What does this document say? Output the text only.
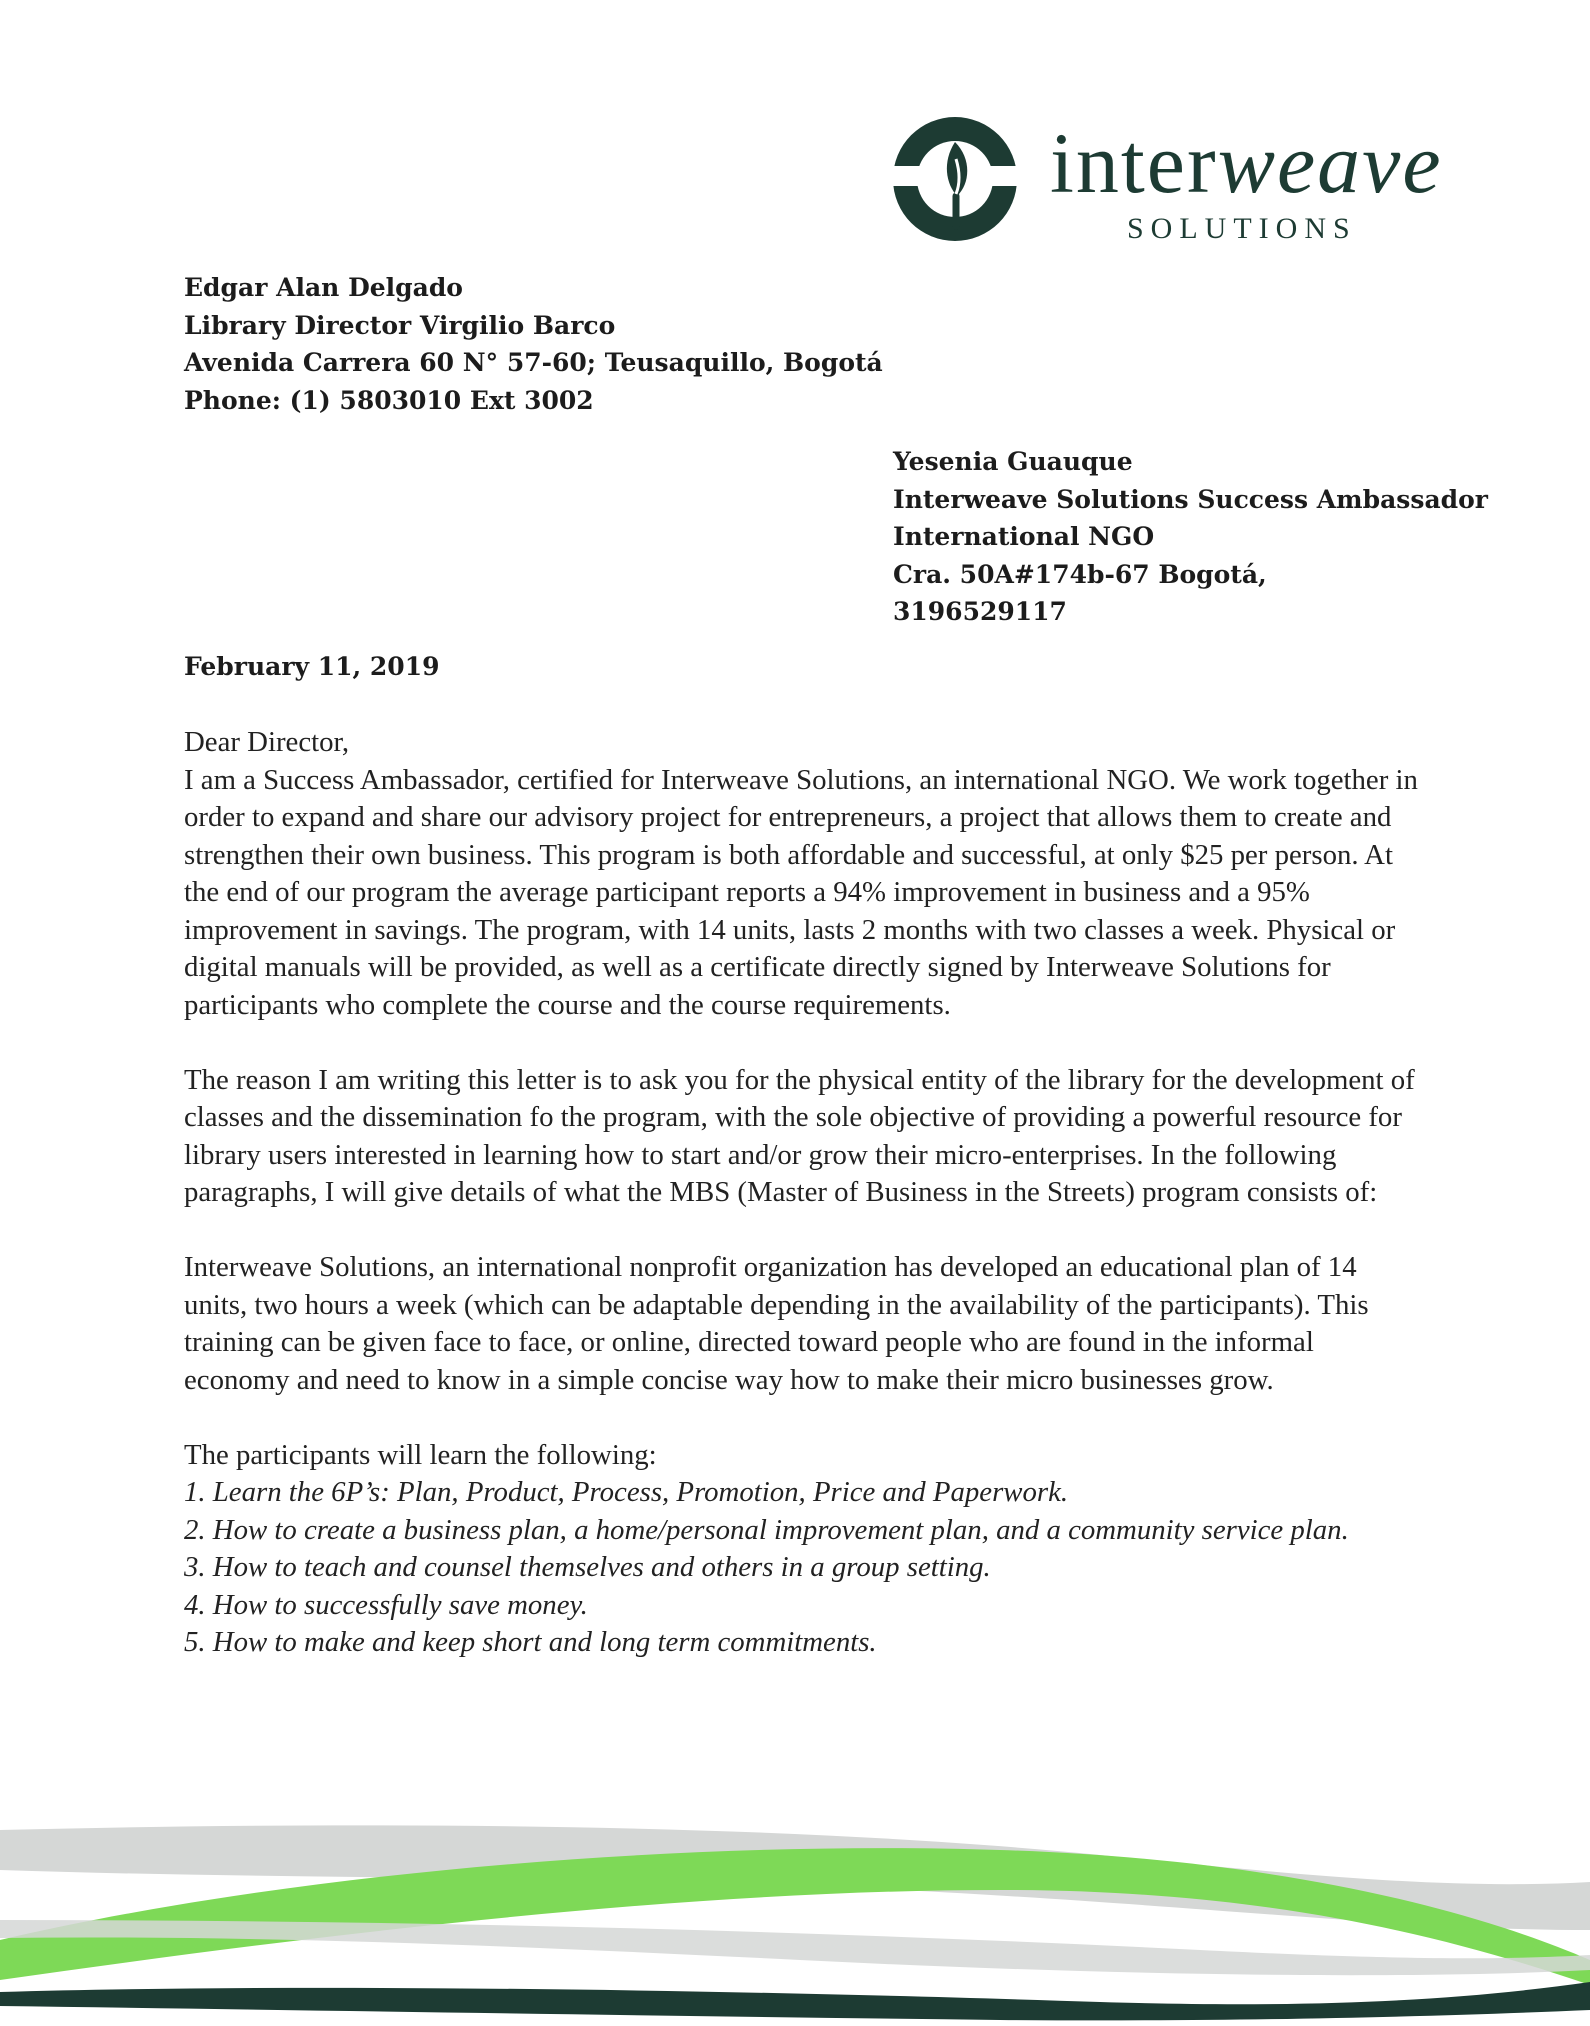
interweave
SOLUTIONS
Edgar Alan Delgado
Library Director Virgilio Barco
Avenida Carrera 60 N° 57-60; Teusaquillo, Bogotá
Phone: (1) 5803010 Ext 3002
Yesenia Guauque
Interweave Solutions Success Ambassador
International NGO
Cra. 50A#174b-67 Bogotá,
3196529117
February 11, 2019

Dear Director,

I am a Success Ambassador, certified for Interweave Solutions, an international NGO. We work together in order to expand and share our advisory project for entrepreneurs, a project that allows them to create and strengthen their own business. This program is both affordable and successful, at only $25 per person. At the end of our program the average participant reports a 94% improvement in business and a 95% improvement in savings. The program, with 14 units, lasts 2 months with two classes a week. Physical or digital manuals will be provided, as well as a certificate directly signed by Interweave Solutions for participants who complete the course and the course requirements.

The reason I am writing this letter is to ask you for the physical entity of the library for the development of classes and the dissemination fo the program, with the sole objective of providing a powerful resource for library users interested in learning how to start and/or grow their micro-enterprises. In the following paragraphs, I will give details of what the MBS (Master of Business in the Streets) program consists of:

Interweave Solutions, an international nonprofit organization has developed an educational plan of 14 units, two hours a week (which can be adaptable depending in the availability of the participants). This training can be given face to face, or online, directed toward people who are found in the informal economy and need to know in a simple concise way how to make their micro businesses grow.

The participants will learn the following:

1. Learn the 6P’s: Plan, Product, Process, Promotion, Price and Paperwork.
2. How to create a business plan, a home/personal improvement plan, and a community service plan.
3. How to teach and counsel themselves and others in a group setting.
4. How to successfully save money.
5. How to make and keep short and long term commitments.
